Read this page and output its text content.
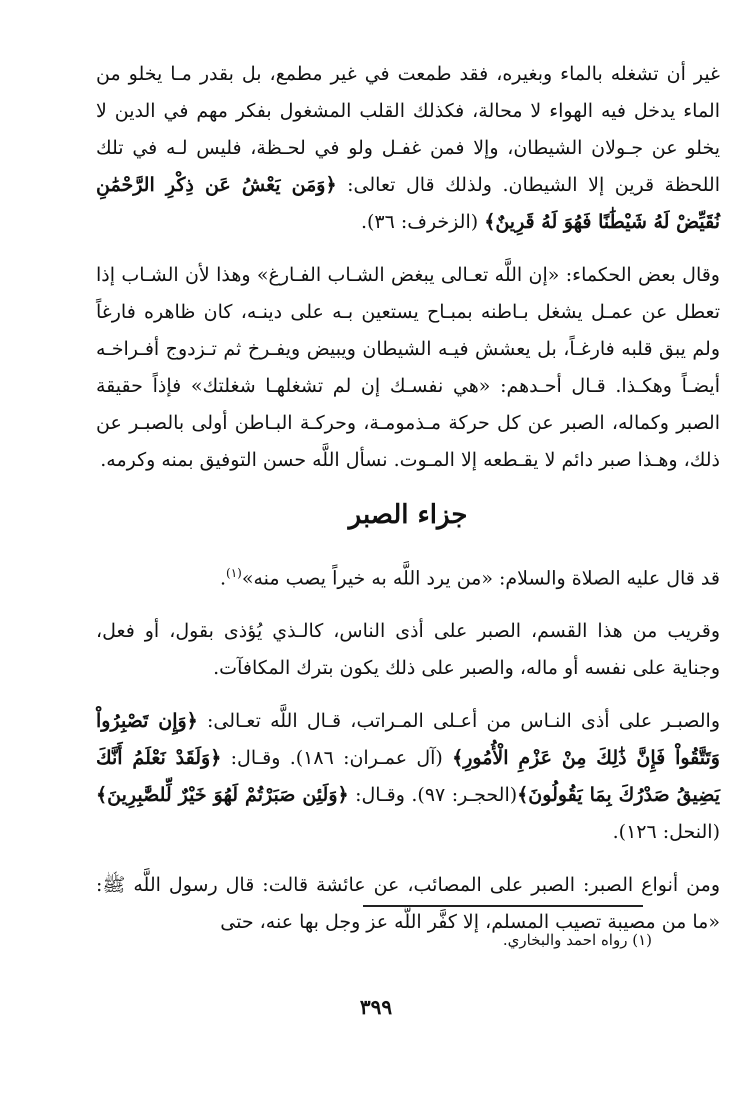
غير أن تشغله بالماء وبغيره، فقد طمعت في غير مطمع، بل بقدر مـا يخلو من الماء يدخل فيه الهواء لا محالة، فكذلك القلب المشغول بفكر مهم في الدين لا يخلو عن جـولان الشيطان، وإلا فمن غفـل ولو في لحـظة، فليس لـه في تلك اللحظة قرين إلا الشيطان. ولذلك قال تعالى: ﴿وَمَن يَعْشُ عَن ذِكْرِ الرَّحْمَٰنِ نُقَيِّضْ لَهُ شَيْطَٰنًا فَهُوَ لَهُ قَرِينٌ﴾ (الزخرف: ٣٦).

وقال بعض الحكماء: «إن اللَّه تعـالى يبغض الشـاب الفـارغ» وهذا لأن الشـاب إذا تعطل عن عمـل يشغل بـاطنه بمبـاح يستعين بـه على دينـه، كان ظاهره فارغاً ولم يبق قلبه فارغـاً، بل يعشش فيـه الشيطان ويبيض ويفـرخ ثم تـزدوج أفـراخـه أيضـاً وهكـذا. قـال أحـدهم: «هي نفسـك إن لم تشغلهـا شغلتك» فإذاً حقيقة الصبر وكماله، الصبر عن كل حركة مـذمومـة، وحركـة البـاطن أولى بالصبـر عن ذلك، وهـذا صبر دائم لا يقـطعه إلا المـوت. نسأل اللَّه حسن التوفيق بمنه وكرمه.

جزاء الصبر

قد قال عليه الصلاة والسلام: «من يرد اللَّه به خيراً يصب منه»$^{(١)}$.

وقريب من هذا القسم، الصبر على أذى الناس، كالـذي يُؤذى بقول، أو فعل، وجناية على نفسه أو ماله، والصبر على ذلك يكون بترك المكافآت.

والصبـر على أذى النـاس من أعـلى المـراتب، قـال اللَّه تعـالى: ﴿وَإِن تَصْبِرُواْ وَتَتَّقُواْ فَإِنَّ ذَٰلِكَ مِنْ عَزْمِ الْأُمُورِ﴾ (آل عمـران: ١٨٦). وقـال: ﴿وَلَقَدْ نَعْلَمُ أَنَّكَ يَضِيقُ صَدْرُكَ بِمَا يَقُولُونَ﴾(الحجـر: ٩٧). وقـال: ﴿وَلَئِن صَبَرْتُمْ لَهُوَ خَيْرٌ لِّلصَّٰبِرِينَ﴾(النحل: ١٢٦).

ومن أنواع الصبر: الصبر على المصائب، عن عائشة قالت: قال رسول اللَّه ﷺ: «ما من مصيبة تصيب المسلم، إلا كفَّر اللَّه عز وجل بها عنه، حتى

(١) رواه احمد والبخاري.
٣٩٩
